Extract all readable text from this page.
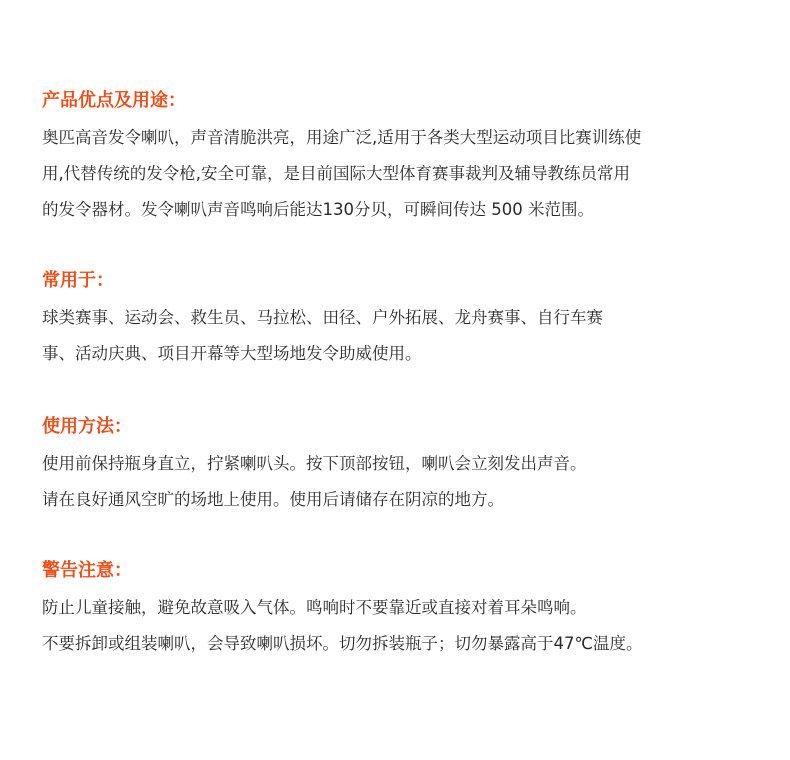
产品优点及用途：
奥匹高音发令喇叭，声音清脆洪亮，用途广泛,适用于各类大型运动项目比赛训练使
用,代替传统的发令枪,安全可靠，是目前国际大型体育赛事裁判及辅导教练员常用
的发令器材。发令喇叭声音鸣响后能达130分贝，可瞬间传达 500 米范围。
常用于：
球类赛事、运动会、救生员、马拉松、田径、户外拓展、龙舟赛事、自行车赛
事、活动庆典、项目开幕等大型场地发令助威使用。
使用方法：
使用前保持瓶身直立，拧紧喇叭头。按下顶部按钮，喇叭会立刻发出声音。
请在良好通风空旷的场地上使用。使用后请储存在阴凉的地方。
警告注意：
防止儿童接触，避免故意吸入气体。鸣响时不要靠近或直接对着耳朵鸣响。
不要拆卸或组装喇叭，会导致喇叭损坏。切勿拆装瓶子；切勿暴露高于47℃温度。
